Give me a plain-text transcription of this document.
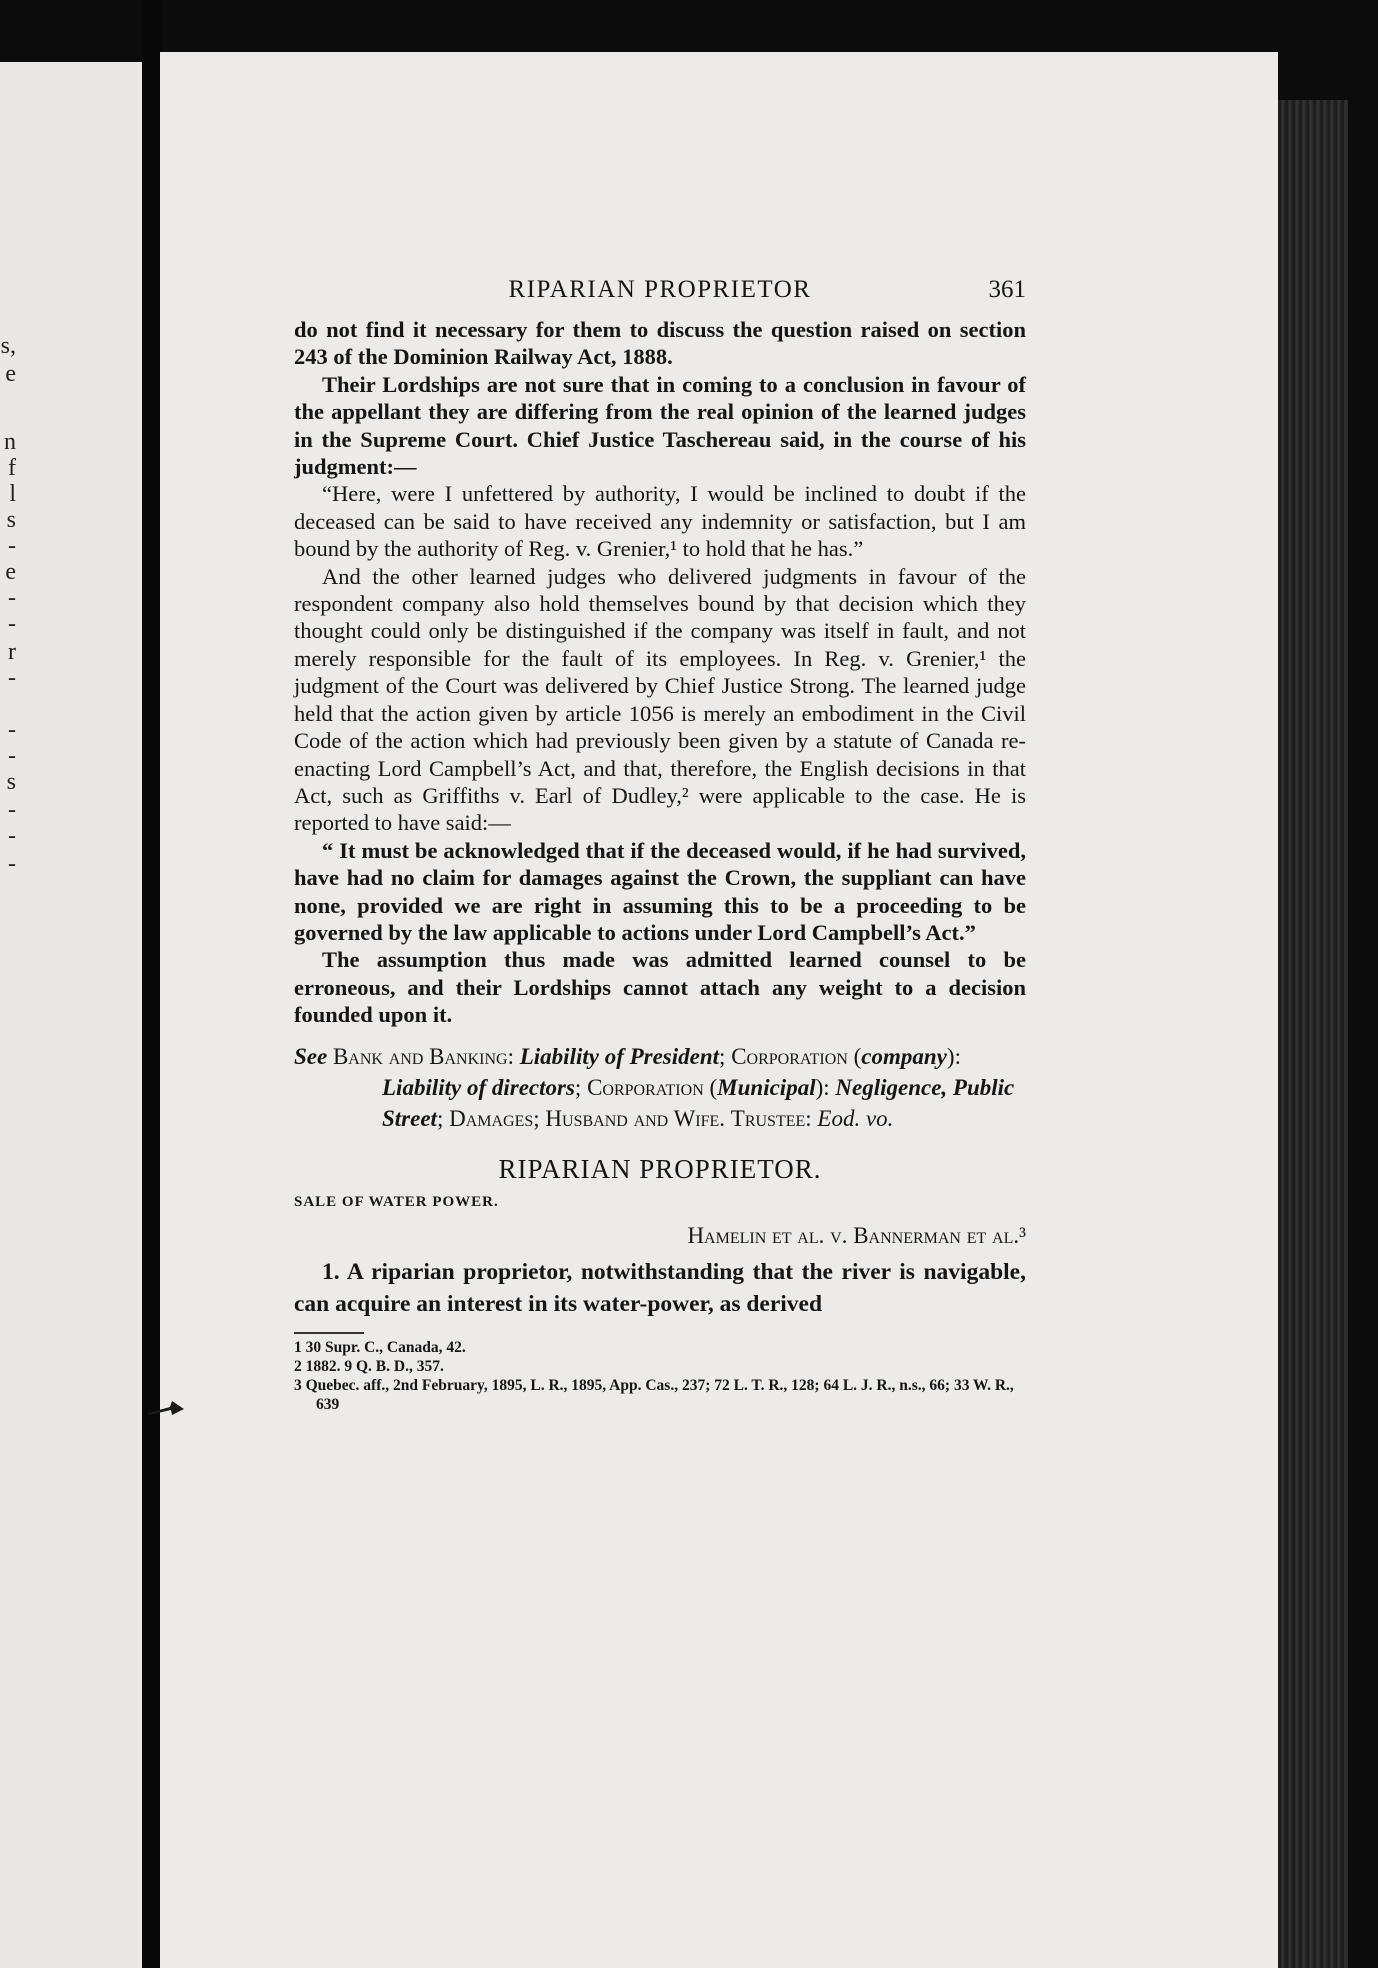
s,
e
n
f
l
s
-
e
-
-
r
-
-
-
s
-
-
-
RIPARIAN PROPRIETOR	361

do not find it necessary for them to discuss the question raised on section 243 of the Dominion Railway Act, 1888.

Their Lordships are not sure that in coming to a conclusion in favour of the appellant they are differing from the real opinion of the learned judges in the Supreme Court. Chief Justice Taschereau said, in the course of his judgment:—

“Here, were I unfettered by authority, I would be inclined to doubt if the deceased can be said to have received any indemnity or satisfaction, but I am bound by the authority of Reg. v. Grenier,¹ to hold that he has.”

And the other learned judges who delivered judgments in favour of the respondent company also hold themselves bound by that decision which they thought could only be distinguished if the company was itself in fault, and not merely responsible for the fault of its employees. In Reg. v. Grenier,¹ the judgment of the Court was delivered by Chief Justice Strong. The learned judge held that the action given by article 1056 is merely an embodiment in the Civil Code of the action which had previously been given by a statute of Canada re-enacting Lord Campbell’s Act, and that, therefore, the English decisions in that Act, such as Griffiths v. Earl of Dudley,² were applicable to the case. He is reported to have said:—

“ It must be acknowledged that if the deceased would, if he had survived, have had no claim for damages against the Crown, the suppliant can have none, provided we are right in assuming this to be a proceeding to be governed by the law applicable to actions under Lord Campbell’s Act.”

The assumption thus made was admitted learned counsel to be erroneous, and their Lordships cannot attach any weight to a decision founded upon it.

See Bank and Banking: Liability of President; Corporation (company): Liability of directors; Corporation (Municipal): Negligence, Public Street; Damages; Husband and Wife. Trustee: Eod. vo.

RIPARIAN PROPRIETOR.
SALE OF WATER POWER.
Hamelin et al. v. Bannerman et al.³

1. A riparian proprietor, notwithstanding that the river is navigable, can acquire an interest in its water-power, as derived

1 30 Supr. C., Canada, 42.
2 1882. 9 Q. B. D., 357.
3 Quebec. aff., 2nd February, 1895, L. R., 1895, App. Cas., 237; 72 L. T. R., 128; 64 L. J. R., n.s., 66; 33 W. R., 639
